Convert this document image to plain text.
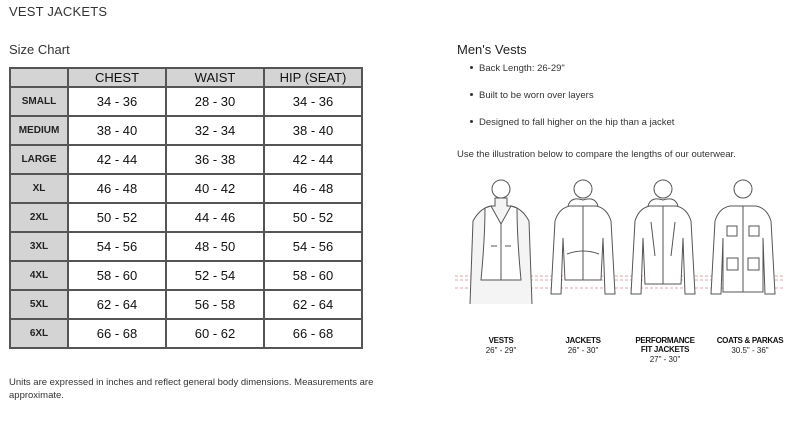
VEST JACKETS
Size Chart
	CHEST	WAIST	HIP (SEAT)
SMALL	34 - 36	28 - 30	34 - 36
MEDIUM	38 - 40	32 - 34	38 - 40
LARGE	42 - 44	36 - 38	42 - 44
XL	46 - 48	40 - 42	46 - 48
2XL	50 - 52	44 - 46	50 - 52
3XL	54 - 56	48 - 50	54 - 56
4XL	58 - 60	52 - 54	58 - 60
5XL	62 - 64	56 - 58	62 - 64
6XL	66 - 68	60 - 62	66 - 68
Units are expressed in inches and reflect general body dimensions. Measurements are approximate.
Men's Vests
Back Length: 26-29"
Built to be worn over layers
Designed to fall higher on the hip than a jacket
Use the illustration below to compare the lengths of our outerwear.
VESTS
26" - 29"
JACKETS
26" - 30"
PERFORMANCE FIT JACKETS
27" - 30"
COATS & PARKAS
30.5" - 36"
